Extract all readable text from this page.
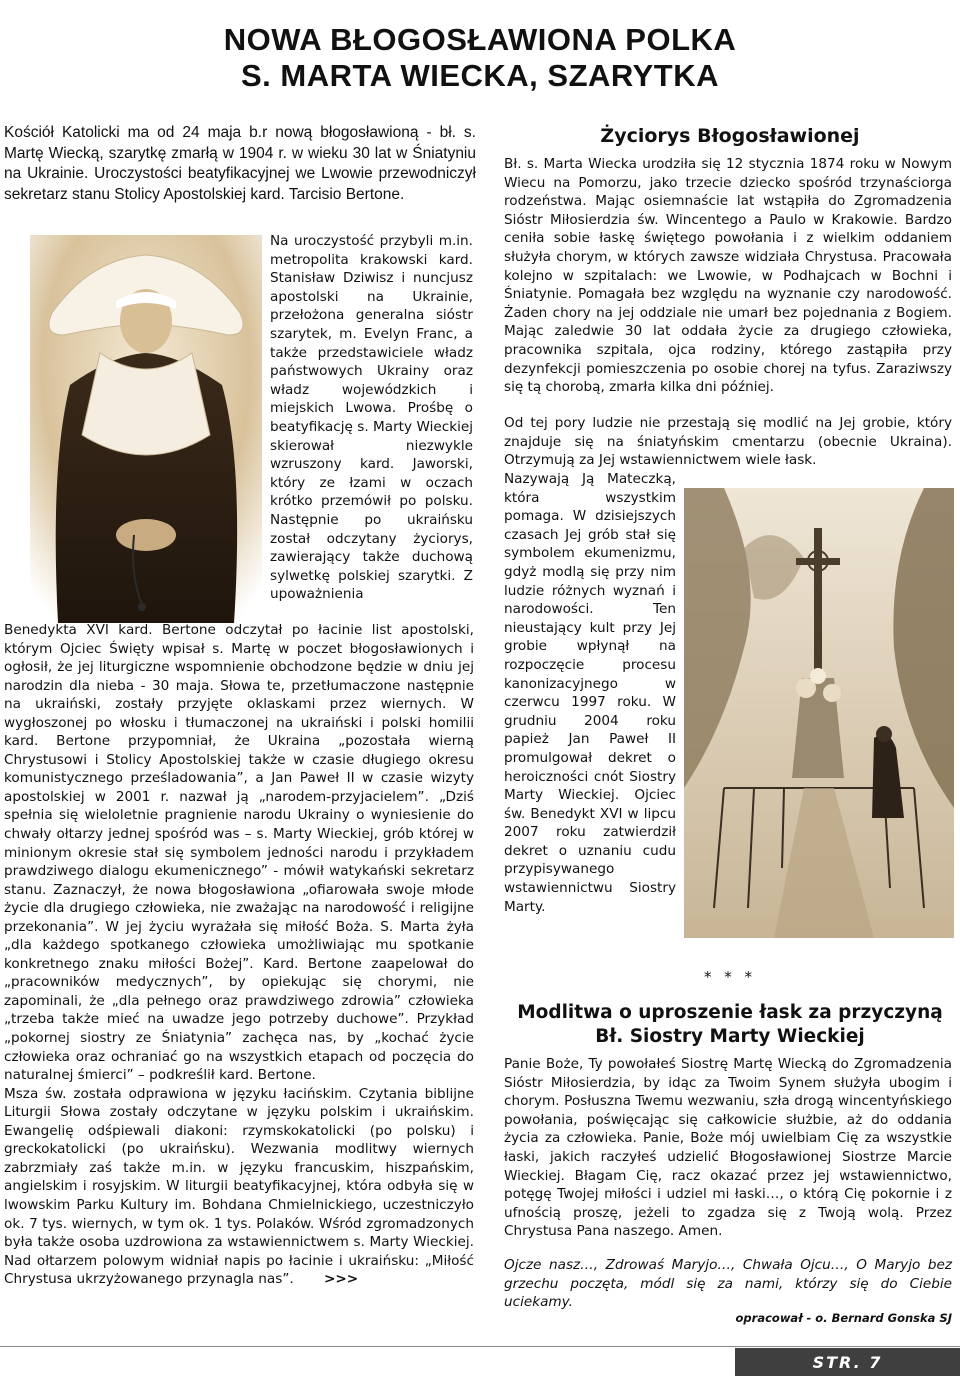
NOWA BŁOGOSŁAWIONA POLKA
S. MARTA WIECKA, SZARYTKA
Kościół Katolicki ma od 24 maja b.r nową błogosławioną - bł. s. Martę Wiecką, szarytkę zmarłą w 1904 r. w wieku 30 lat w Śniatyniu na Ukrainie. Uroczystości beatyfikacyjnej we Lwowie przewodniczył sekretarz stanu Stolicy Apostolskiej kard. Tarcisio Bertone.
Na uroczystość przybyli m.in. metropolita krakowski kard. Stanisław Dziwisz i nuncjusz apostolski na Ukrainie, przełożona generalna sióstr szarytek, m. Evelyn Franc, a także przedstawiciele władz państwowych Ukrainy oraz władz wojewódzkich i miejskich Lwowa. Prośbę o beatyfikację s. Marty Wieckiej skierował niezwykle wzruszony kard. Jaworski, który ze łzami w oczach krótko przemówił po polsku. Następnie po ukraińsku został odczytany życiorys, zawierający także duchową sylwetkę polskiej szarytki. Z upoważnienia

Benedykta XVI kard. Bertone odczytał po łacinie list apostolski, którym Ojciec Święty wpisał s. Martę w poczet błogosławionych i ogłosił, że jej liturgiczne wspomnienie obchodzone będzie w dniu jej narodzin dla nieba - 30 maja. Słowa te, przetłumaczone następnie na ukraiński, zostały przyjęte oklaskami przez wiernych. W wygłoszonej po włosku i tłumaczonej na ukraiński i polski homilii kard. Bertone przypomniał, że Ukraina „pozostała wierną Chrystusowi i Stolicy Apostolskiej także w czasie długiego okresu komunistycznego prześladowania”, a Jan Paweł II w czasie wizyty apostolskiej w 2001 r. nazwał ją „narodem-przyjacielem”. „Dziś spełnia się wieloletnie pragnienie narodu Ukrainy o wyniesienie do chwały ołtarzy jednej spośród was – s. Marty Wieckiej, grób której w minionym okresie stał się symbolem jedności narodu i przykładem prawdziwego dialogu ekumenicznego” - mówił watykański sekretarz stanu. Zaznaczył, że nowa błogosławiona „ofiarowała swoje młode życie dla drugiego człowieka, nie zważając na narodowość i religijne przekonania”. W jej życiu wyrażała się miłość Boża. S. Marta żyła „dla każdego spotkanego człowieka umożliwiając mu spotkanie konkretnego znaku miłości Bożej”. Kard. Bertone zaapelował do „pracowników medycznych”, by opiekując się chorymi, nie zapominali, że „dla pełnego oraz prawdziwego zdrowia” człowieka „trzeba także mieć na uwadze jego potrzeby duchowe”. Przykład „pokornej siostry ze Śniatynia” zachęca nas, by „kochać życie człowieka oraz ochraniać go na wszystkich etapach od poczęcia do naturalnej śmierci” – podkreślił kard. Bertone.

Msza św. została odprawiona w języku łacińskim. Czytania biblijne Liturgii Słowa zostały odczytane w języku polskim i ukraińskim. Ewangelię odśpiewali diakoni: rzymskokatolicki (po polsku) i greckokatolicki (po ukraińsku). Wezwania modlitwy wiernych zabrzmiały zaś także m.in. w języku francuskim, hiszpańskim, angielskim i rosyjskim. W liturgii beatyfikacyjnej, która odbyła się w lwowskim Parku Kultury im. Bohdana Chmielnickiego, uczestniczyło ok. 7 tys. wiernych, w tym ok. 1 tys. Polaków. Wśród zgromadzonych była także osoba uzdrowiona za wstawiennictwem s. Marty Wieckiej. Nad ołtarzem polowym widniał napis po łacinie i ukraińsku: „Miłość Chrystusa ukrzyżowanego przynagla nas”. >>>

Życiorys Błogosławionej
Bł. s. Marta Wiecka urodziła się 12 stycznia 1874 roku w Nowym Wiecu na Pomorzu, jako trzecie dziecko spośród trzynaściorga rodzeństwa. Mając osiemnaście lat wstąpiła do Zgromadzenia Sióstr Miłosierdzia św. Wincentego a Paulo w Krakowie. Bardzo ceniła sobie łaskę świętego powołania i z wielkim oddaniem służyła chorym, w których zawsze widziała Chrystusa. Pracowała kolejno w szpitalach: we Lwowie, w Podhajcach w Bochni i Śniatynie. Pomagała bez względu na wyznanie czy narodowość. Żaden chory na jej oddziale nie umarł bez pojednania z Bogiem. Mając zaledwie 30 lat oddała życie za drugiego człowieka, pracownika szpitala, ojca rodziny, którego zastąpiła przy dezynfekcji pomieszczenia po osobie chorej na tyfus. Zaraziwszy się tą chorobą, zmarła kilka dni później.
Od tej pory ludzie nie przestają się modlić na Jej grobie, który znajduje się na śniatyńskim cmentarzu (obecnie Ukraina). Otrzymują za Jej wstawiennictwem wiele łask.
Nazywają Ją Mateczką, która wszystkim pomaga. W dzisiejszych czasach Jej grób stał się symbolem ekumenizmu, gdyż modlą się przy nim ludzie różnych wyznań i narodowości. Ten nieustający kult przy Jej grobie wpłynął na rozpoczęcie procesu kanonizacyjnego w czerwcu 1997 roku. W grudniu 2004 roku papież Jan Paweł II promulgował dekret o heroiczności cnót Siostry Marty Wieckiej. Ojciec św. Benedykt XVI w lipcu 2007 roku zatwierdził dekret o uznaniu cudu przypisywanego wstawiennictwu Siostry Marty.
* * *
Modlitwa o uproszenie łask za przyczyną
Bł. Siostry Marty Wieckiej
Panie Boże, Ty powołałeś Siostrę Martę Wiecką do Zgromadzenia Sióstr Miłosierdzia, by idąc za Twoim Synem służyła ubogim i chorym. Posłuszna Twemu wezwaniu, szła drogą wincentyńskiego powołania, poświęcając się całkowicie służbie, aż do oddania życia za człowieka. Panie, Boże mój uwielbiam Cię za wszystkie łaski, jakich raczyłeś udzielić Błogosławionej Siostrze Marcie Wieckiej. Błagam Cię, racz okazać przez jej wstawiennictwo, potęgę Twojej miłości i udziel mi łaski…, o którą Cię pokornie i z ufnością proszę, jeżeli to zgadza się z Twoją wolą. Przez Chrystusa Pana naszego. Amen.
Ojcze nasz…, Zdrowaś Maryjo…, Chwała Ojcu…, O Maryjo bez grzechu poczęta, módl się za nami, którzy się do Ciebie uciekamy.
opracował - o. Bernard Gonska SJ
STR. 7
